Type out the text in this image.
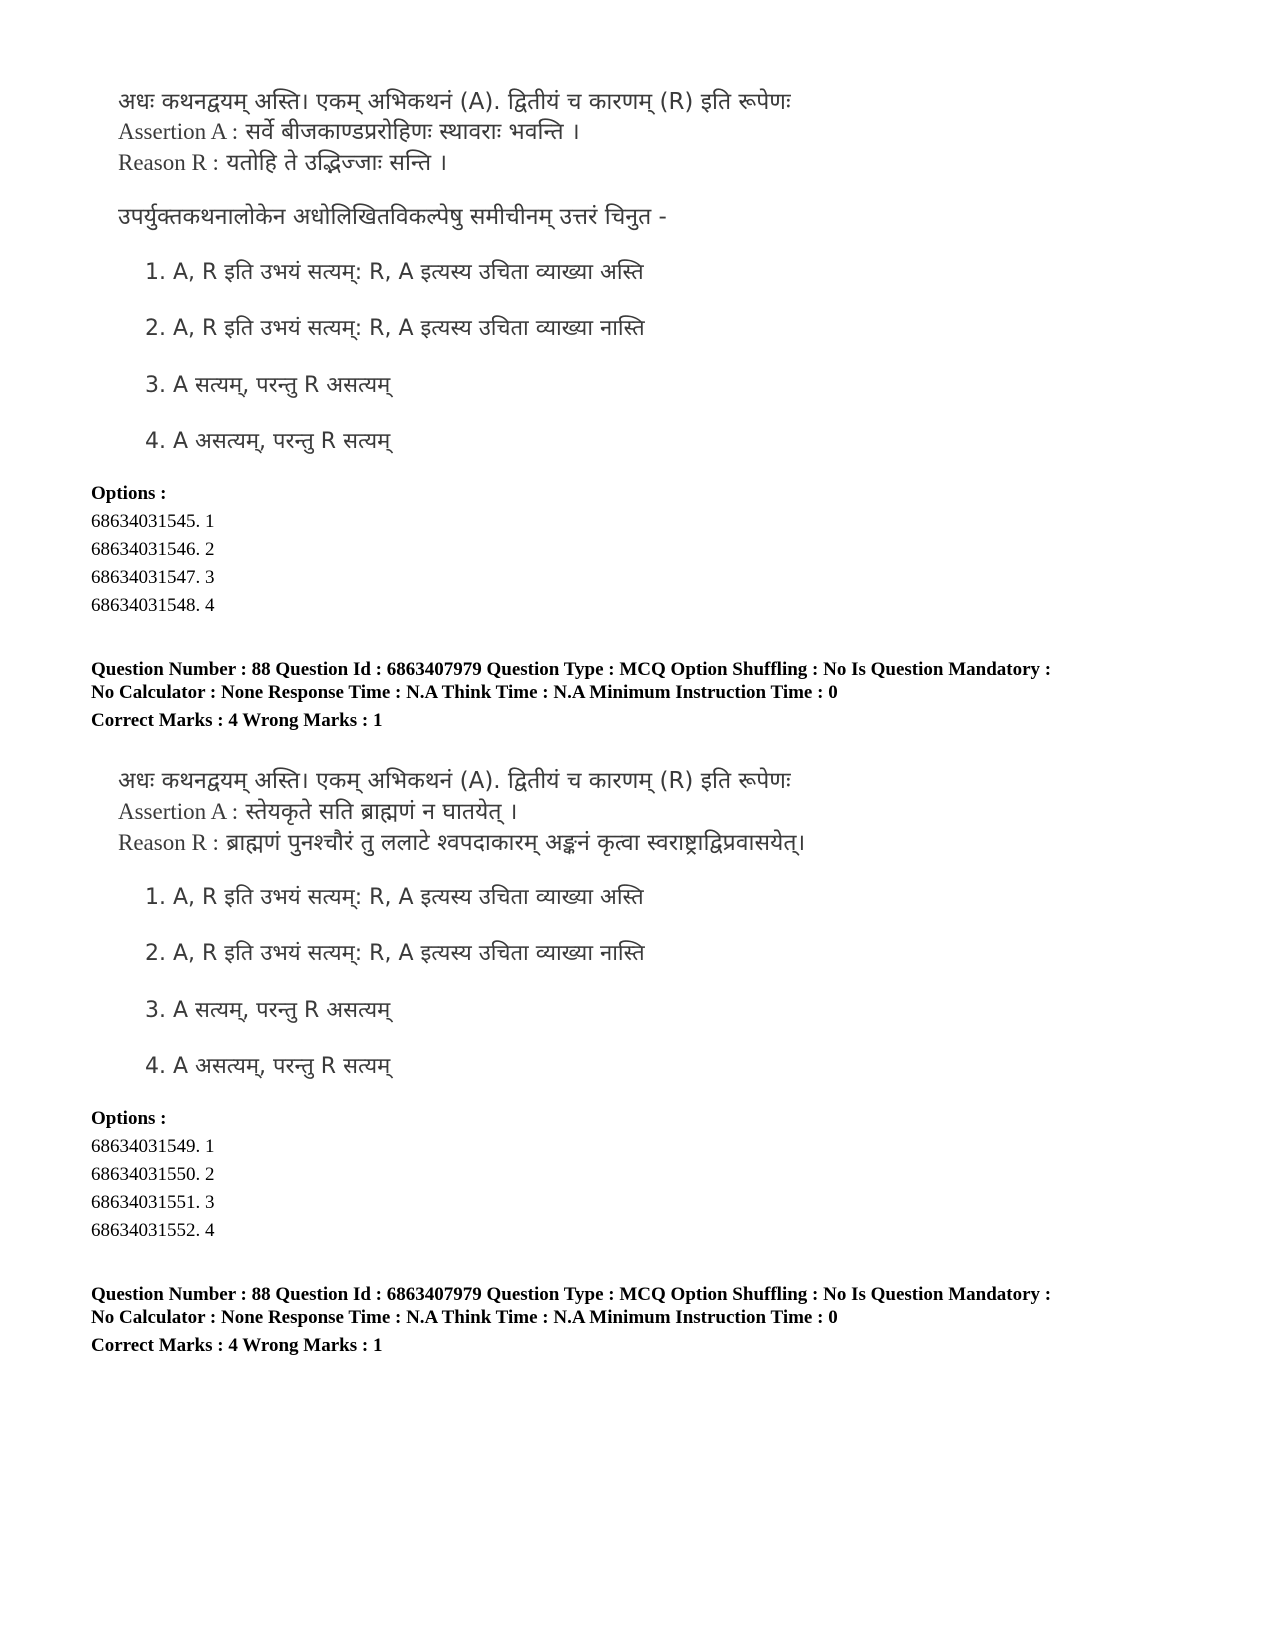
अधः कथनद्वयम् अस्ति। एकम् अभिकथनं (A). द्वितीयं च कारणम् (R) इति रूपेणः
Assertion A : सर्वे बीजकाण्डप्ररोहिणः स्थावराः भवन्ति ।
Reason R : यतोहि ते उद्भिज्जाः सन्ति ।
उपर्युक्तकथनालोकेन अधोलिखितविकल्पेषु समीचीनम् उत्तरं चिनुत -
1. A, R इति उभयं सत्यम्: R, A इत्यस्य उचिता व्याख्या अस्ति
2. A, R इति उभयं सत्यम्: R, A इत्यस्य उचिता व्याख्या नास्ति
3. A सत्यम्, परन्तु R असत्यम्
4. A असत्यम्, परन्तु R सत्यम्
Options :
68634031545. 1
68634031546. 2
68634031547. 3
68634031548. 4
Question Number : 88 Question Id : 6863407979 Question Type : MCQ Option Shuffling : No Is Question Mandatory :
No Calculator : None Response Time : N.A Think Time : N.A Minimum Instruction Time : 0
Correct Marks : 4 Wrong Marks : 1
अधः कथनद्वयम् अस्ति। एकम् अभिकथनं (A). द्वितीयं च कारणम् (R) इति रूपेणः
Assertion A : स्तेयकृते सति ब्राह्मणं न घातयेत् ।
Reason R : ब्राह्मणं पुनश्चौरं तु ललाटे श्वपदाकारम् अङ्कनं कृत्वा स्वराष्ट्राद्विप्रवासयेत्।
1. A, R इति उभयं सत्यम्: R, A इत्यस्य उचिता व्याख्या अस्ति
2. A, R इति उभयं सत्यम्: R, A इत्यस्य उचिता व्याख्या नास्ति
3. A सत्यम्, परन्तु R असत्यम्
4. A असत्यम्, परन्तु R सत्यम्
Options :
68634031549. 1
68634031550. 2
68634031551. 3
68634031552. 4
Question Number : 88 Question Id : 6863407979 Question Type : MCQ Option Shuffling : No Is Question Mandatory :
No Calculator : None Response Time : N.A Think Time : N.A Minimum Instruction Time : 0
Correct Marks : 4 Wrong Marks : 1
